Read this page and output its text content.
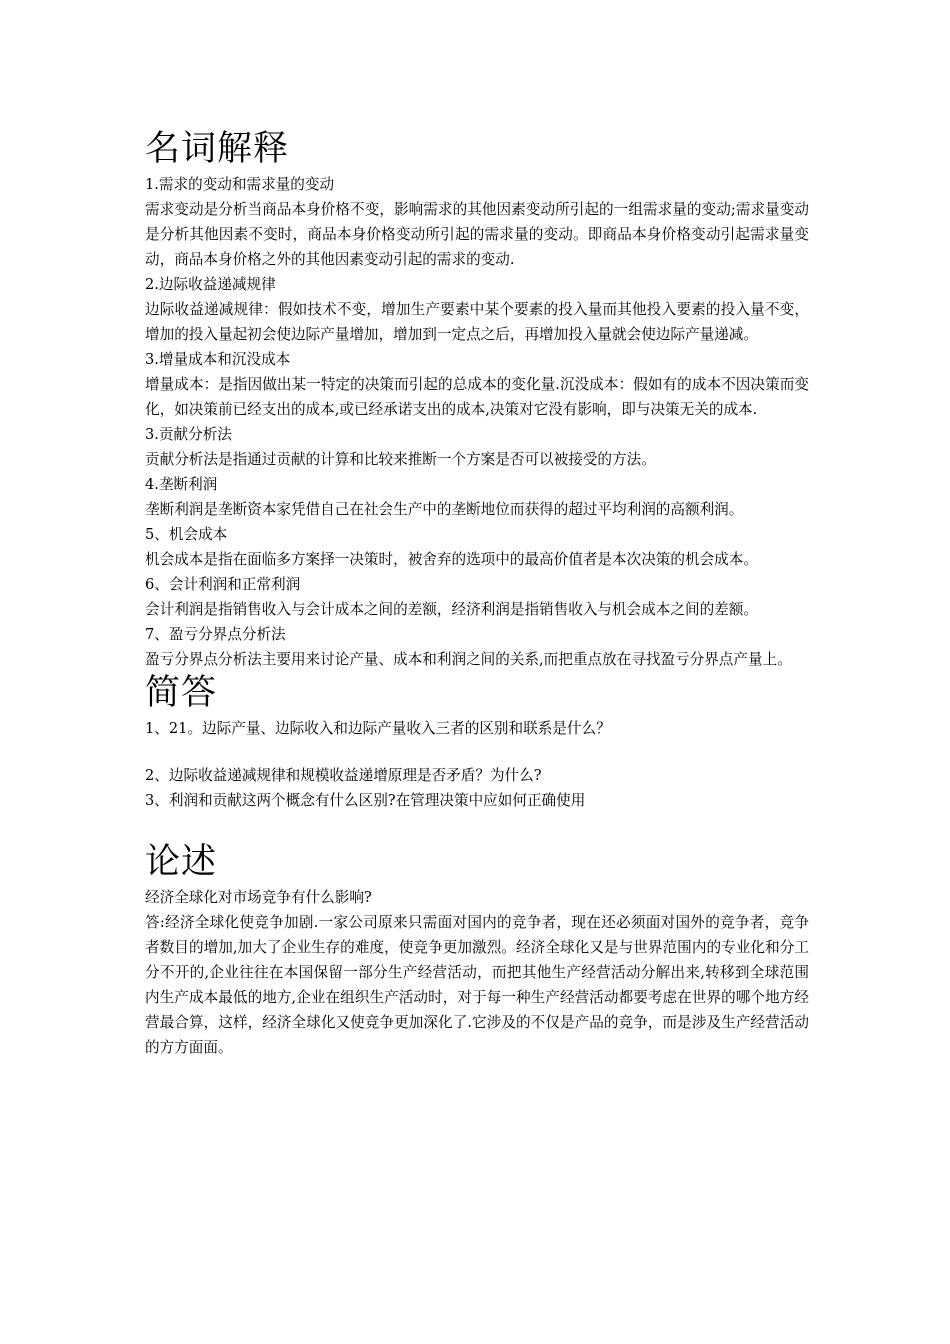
名词解释

1.需求的变动和需求量的变动

需求变动是分析当商品本身价格不变，影响需求的其他因素变动所引起的一组需求量的变动;需求量变动是分析其他因素不变时，商品本身价格变动所引起的需求量的变动。即商品本身价格变动引起需求量变动，商品本身价格之外的其他因素变动引起的需求的变动.

2.边际收益递减规律

边际收益递减规律：假如技术不变，增加生产要素中某个要素的投入量而其他投入要素的投入量不变，增加的投入量起初会使边际产量增加，增加到一定点之后，再增加投入量就会使边际产量递减。

3.增量成本和沉没成本

增量成本：是指因做出某一特定的决策而引起的总成本的变化量.沉没成本：假如有的成本不因决策而变化，如决策前已经支出的成本,或已经承诺支出的成本,决策对它没有影响，即与决策无关的成本.

3.贡献分析法

贡献分析法是指通过贡献的计算和比较来推断一个方案是否可以被接受的方法。

4.垄断利润

垄断利润是垄断资本家凭借自己在社会生产中的垄断地位而获得的超过平均利润的高额利润。

5、机会成本

机会成本是指在面临多方案择一决策时，被舍弃的选项中的最高价值者是本次决策的机会成本。

6、会计利润和正常利润

会计利润是指销售收入与会计成本之间的差额，经济利润是指销售收入与机会成本之间的差额。

7、盈亏分界点分析法

盈亏分界点分析法主要用来讨论产量、成本和利润之间的关系,而把重点放在寻找盈亏分界点产量上。

简答

1、21。边际产量、边际收入和边际产量收入三者的区别和联系是什么？

2、边际收益递减规律和规模收益递增原理是否矛盾？为什么?

3、利润和贡献这两个概念有什么区别?在管理决策中应如何正确使用

论述

经济全球化对市场竞争有什么影响?

答:经济全球化使竞争加剧.一家公司原来只需面对国内的竞争者，现在还必须面对国外的竞争者，竞争者数目的增加,加大了企业生存的难度，使竞争更加激烈。经济全球化又是与世界范围内的专业化和分工分不开的,企业往往在本国保留一部分生产经营活动，而把其他生产经营活动分解出来,转移到全球范围内生产成本最低的地方,企业在组织生产活动时，对于每一种生产经营活动都要考虑在世界的哪个地方经营最合算，这样，经济全球化又使竞争更加深化了.它涉及的不仅是产品的竞争，而是涉及生产经营活动的方方面面。
